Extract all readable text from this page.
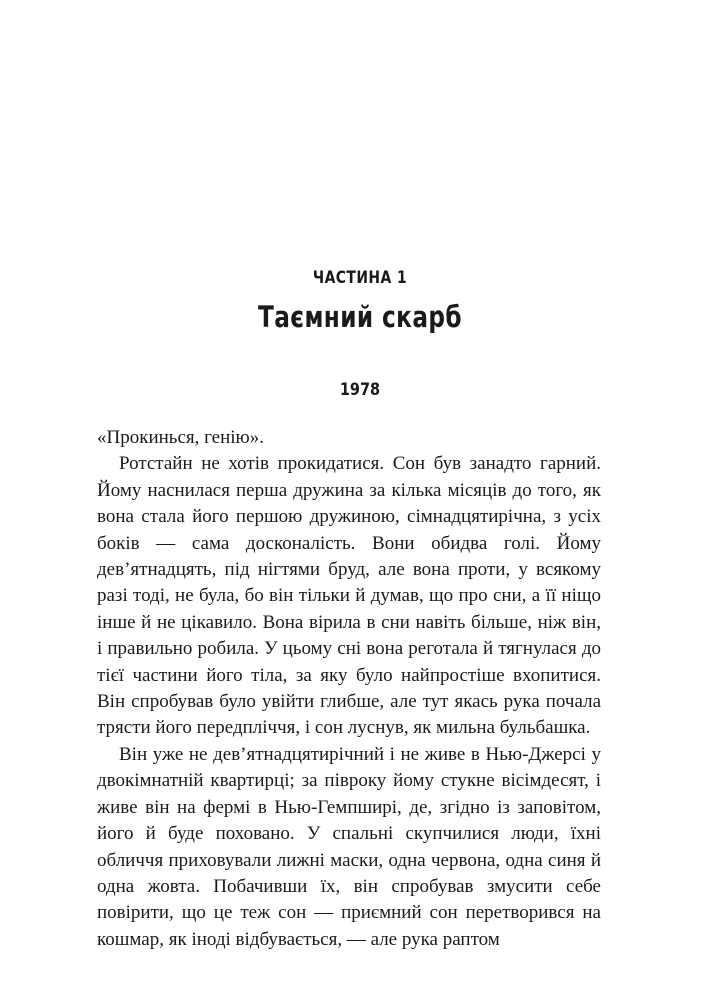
ЧАСТИНА 1
Таємний скарб
1978

«Прокинься, генію».

Ротстайн не хотів прокидатися. Сон був занадто гарний. Йому наснилася перша дружина за кілька місяців до того, як вона стала його першою дружиною, сімнадцятирічна, з усіх боків — сама досконалість. Вони обидва голі. Йому дев’ятнадцять, під нігтями бруд, але вона проти, у всякому разі тоді, не була, бо він тільки й думав, що про сни, а її ніщо інше й не цікавило. Вона вірила в сни навіть більше, ніж він, і правильно робила. У цьому сні вона реготала й тягнулася до тієї частини його тіла, за яку було найпростіше вхопитися. Він спробував було увійти глибше, але тут якась рука почала трясти його передпліччя, і сон луснув, як мильна бульбашка.

Він уже не дев’ятнадцятирічний і не живе в Нью-Джерсі у двокімнатній квартирці; за півроку йому стукне вісімдесят, і живе він на фермі в Нью-Гемпширі, де, згідно із заповітом, його й буде поховано. У спальні скупчилися люди, їхні обличчя приховували лижні маски, одна червона, одна синя й одна жовта. Побачивши їх, він спробував змусити себе повірити, що це теж сон — приємний сон перетворився на кошмар, як іноді відбувається, — але рука раптом
